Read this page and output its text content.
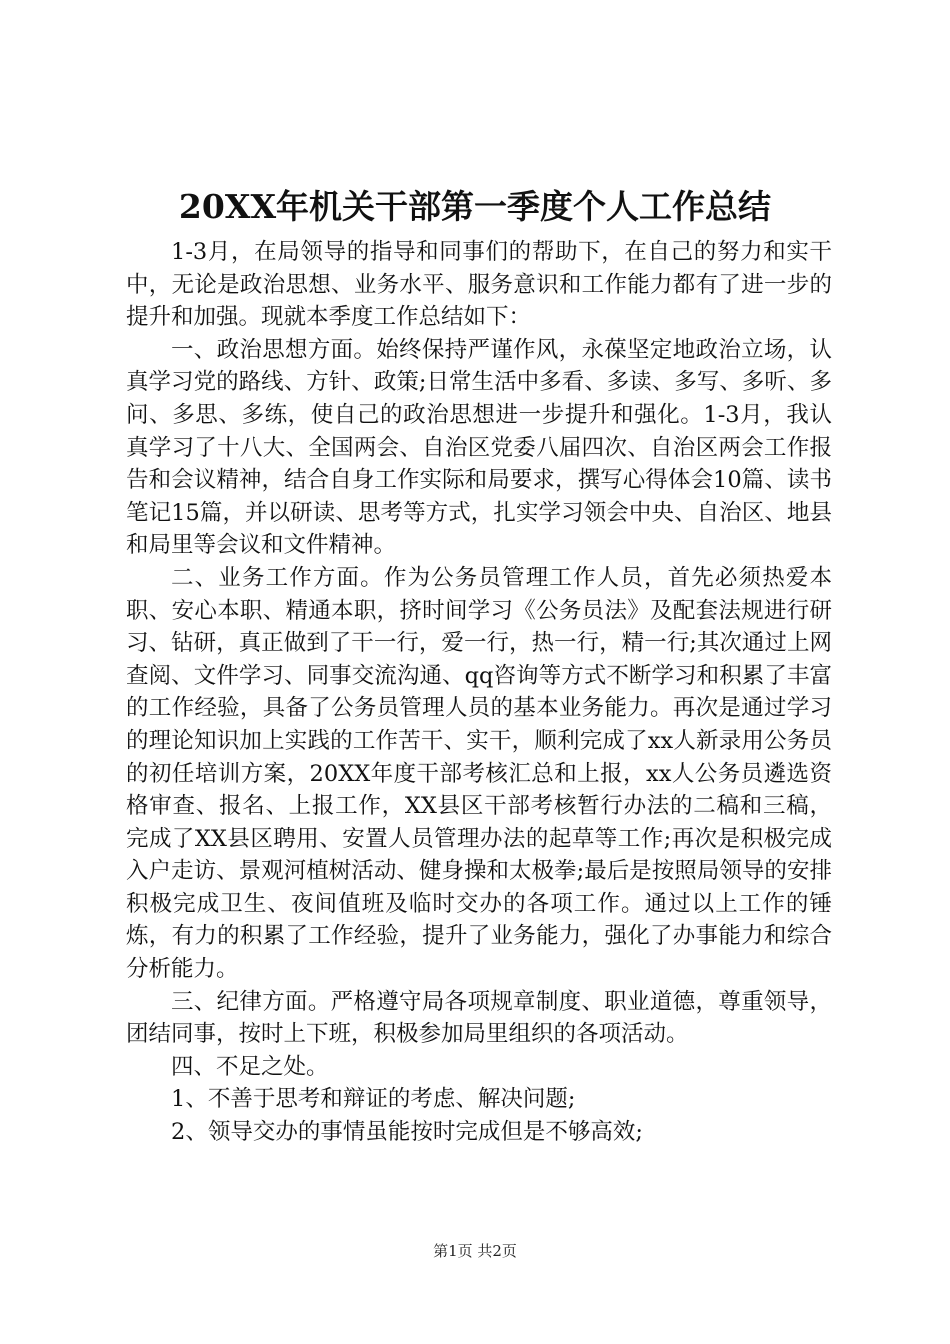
20XX年机关干部第一季度个人工作总结

1-3月，在局领导的指导和同事们的帮助下，在自己的努力和实干中，无论是政治思想、业务水平、服务意识和工作能力都有了进一步的提升和加强。现就本季度工作总结如下：

一、政治思想方面。始终保持严谨作风，永葆坚定地政治立场，认真学习党的路线、方针、政策;日常生活中多看、多读、多写、多听、多问、多思、多练，使自己的政治思想进一步提升和强化。1-3月，我认真学习了十八大、全国两会、自治区党委八届四次、自治区两会工作报告和会议精神，结合自身工作实际和局要求，撰写心得体会10篇、读书笔记15篇，并以研读、思考等方式，扎实学习领会中央、自治区、地县和局里等会议和文件精神。

二、业务工作方面。作为公务员管理工作人员，首先必须热爱本职、安心本职、精通本职，挤时间学习《公务员法》及配套法规进行研习、钻研，真正做到了干一行，爱一行，热一行，精一行;其次通过上网查阅、文件学习、同事交流沟通、qq咨询等方式不断学习和积累了丰富的工作经验，具备了公务员管理人员的基本业务能力。再次是通过学习的理论知识加上实践的工作苦干、实干，顺利完成了xx人新录用公务员的初任培训方案，20XX年度干部考核汇总和上报，xx人公务员遴选资格审查、报名、上报工作，XX县区干部考核暂行办法的二稿和三稿，完成了XX县区聘用、安置人员管理办法的起草等工作;再次是积极完成入户走访、景观河植树活动、健身操和太极拳;最后是按照局领导的安排积极完成卫生、夜间值班及临时交办的各项工作。通过以上工作的锤炼，有力的积累了工作经验，提升了业务能力，强化了办事能力和综合分析能力。

三、纪律方面。严格遵守局各项规章制度、职业道德，尊重领导，团结同事，按时上下班，积极参加局里组织的各项活动。

四、不足之处。

1、不善于思考和辩证的考虑、解决问题;

2、领导交办的事情虽能按时完成但是不够高效;

第1页 共2页
